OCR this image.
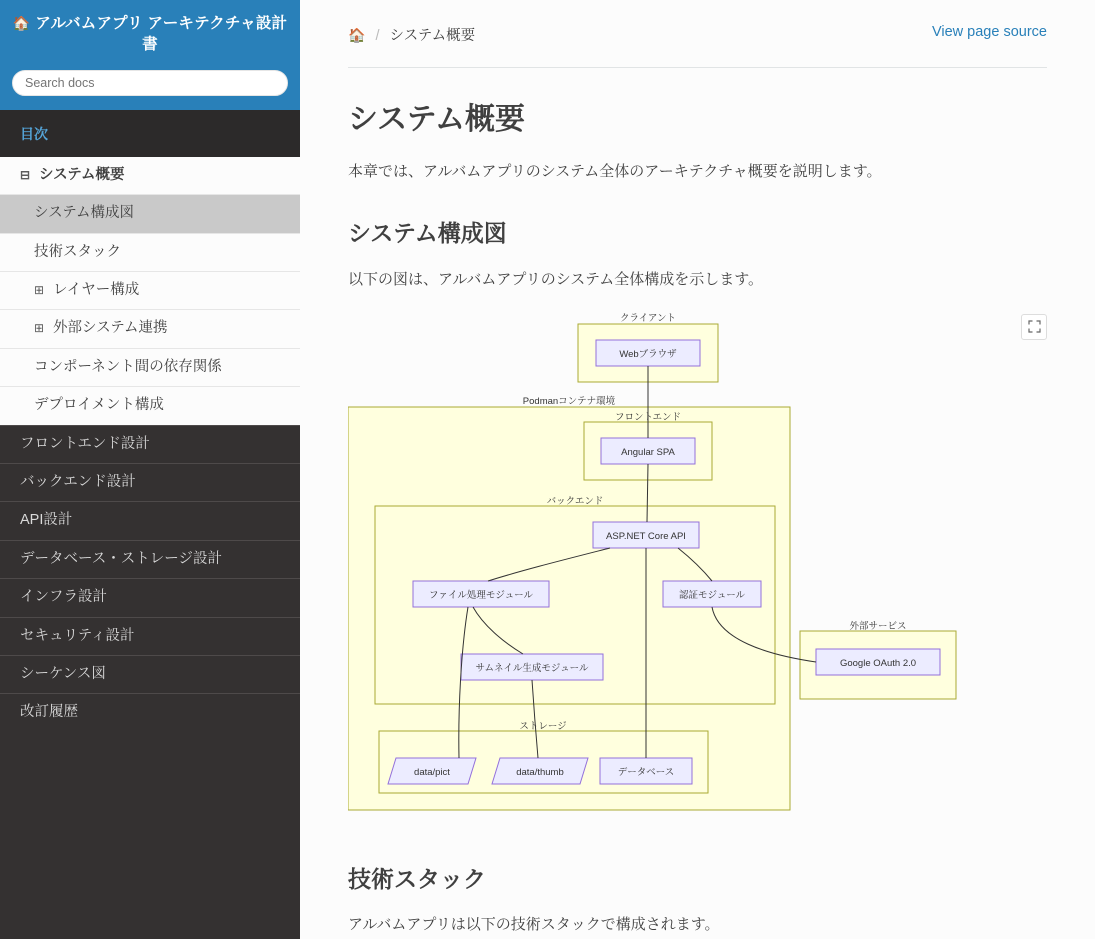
🏠 アルバムアプリ アーキテクチャ設計書
Search docs
目次
⊟ システム概要
システム構成図
技術スタック
⊞ レイヤー構成
⊞ 外部システム連携
コンポーネント間の依存関係
デプロイメント構成
フロントエンド設計
バックエンド設計
API設計
データベース・ストレージ設計
インフラ設計
セキュリティ設計
シーケンス図
改訂履歴
🏠 / システム概要	View page source
システム概要

本章では、アルバムアプリのシステム全体のアーキテクチャ概要を説明します。

システム構成図

以下の図は、アルバムアプリのシステム全体構成を示します。

クライアント
Webブラウザ
Podmanコンテナ環境
フロントエンド
Angular SPA
バックエンド
ASP.NET Core API
ファイル処理モジュール	認証モジュール
サムネイル生成モジュール
外部サービス
Google OAuth 2.0
ストレージ
data/pict	data/thumb	データベース
技術スタック

アルバムアプリは以下の技術スタックで構成されます。
